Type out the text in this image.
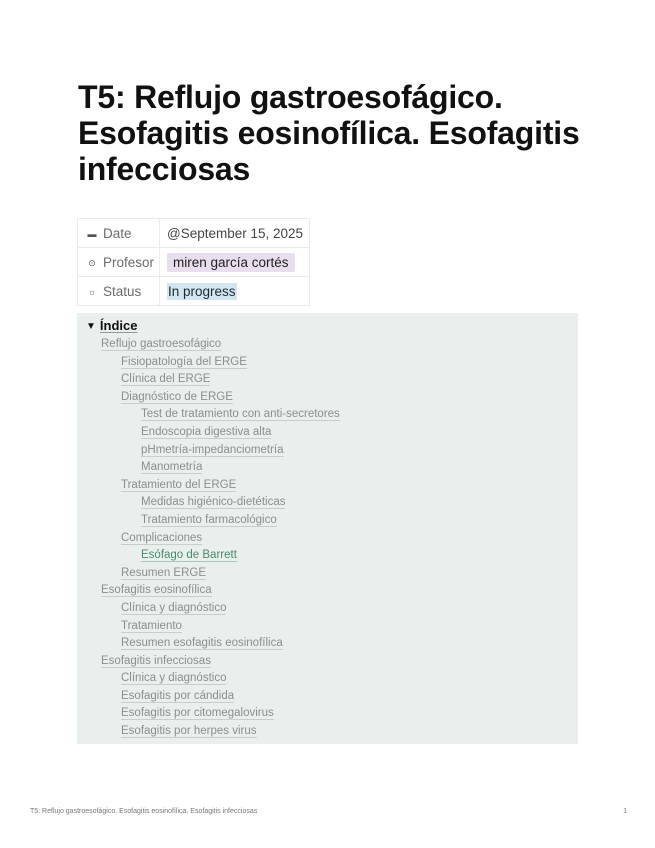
T5: Reflujo gastroesofágico. Esofagitis eosinofílica. Esofagitis infecciosas
▬ Date	@September 15, 2025
⊙ Profesor	miren garcía cortés
☼ Status	In progress
▼ Índice
Reflujo gastroesofágico
Fisiopatología del ERGE
Clínica del ERGE
Diagnóstico de ERGE
Test de tratamiento con anti-secretores
Endoscopia digestiva alta
pHmetría-impedanciometría
Manometría
Tratamiento del ERGE
Medidas higiénico-dietéticas
Tratamiento farmacológico
Complicaciones
Esófago de Barrett
Resumen ERGE
Esofagitis eosinofílica
Clínica y diagnóstico
Tratamiento
Resumen esofagitis eosinofílica
Esofagitis infecciosas
Clínica y diagnóstico
Esofagitis por cándida
Esofagitis por citomegalovirus
Esofagitis por herpes virus
T5: Reflujo gastroesofágico. Esofagitis eosinofílica. Esofagitis infecciosas	1
